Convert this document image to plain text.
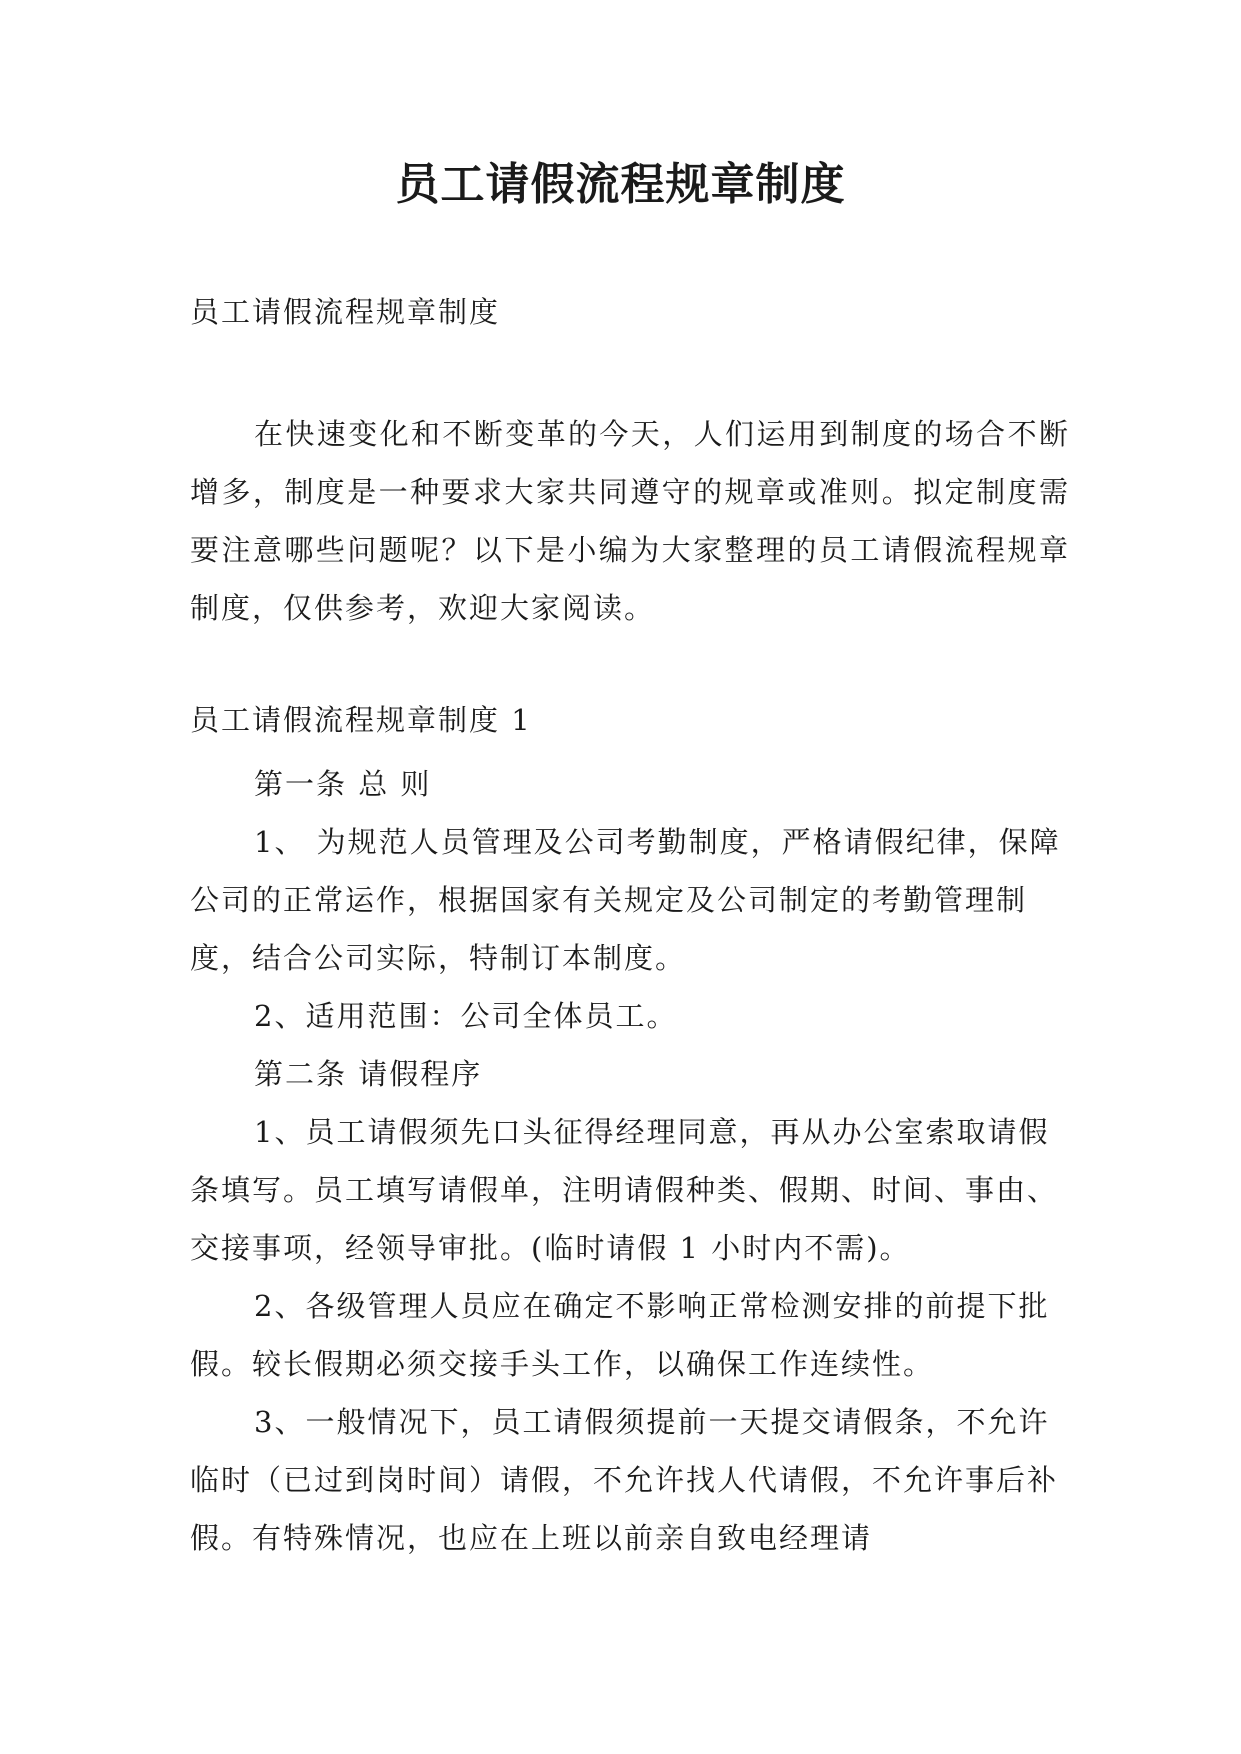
员工请假流程规章制度
员工请假流程规章制度
在快速变化和不断变革的今天，人们运用到制度的场合不断增多，制度是一种要求大家共同遵守的规章或准则。拟定制度需要注意哪些问题呢？以下是小编为大家整理的员工请假流程规章制度，仅供参考，欢迎大家阅读。
员工请假流程规章制度 1

第一条 总 则

1、 为规范人员管理及公司考勤制度，严格请假纪律，保障公司的正常运作，根据国家有关规定及公司制定的考勤管理制度，结合公司实际，特制订本制度。

2、适用范围：公司全体员工。

第二条 请假程序

1、员工请假须先口头征得经理同意，再从办公室索取请假条填写。员工填写请假单，注明请假种类、假期、时间、事由、交接事项，经领导审批。(临时请假 1 小时内不需)。

2、各级管理人员应在确定不影响正常检测安排的前提下批假。较长假期必须交接手头工作，以确保工作连续性。

3、一般情况下，员工请假须提前一天提交请假条，不允许临时（已过到岗时间）请假，不允许找人代请假，不允许事后补假。有特殊情况，也应在上班以前亲自致电经理请
